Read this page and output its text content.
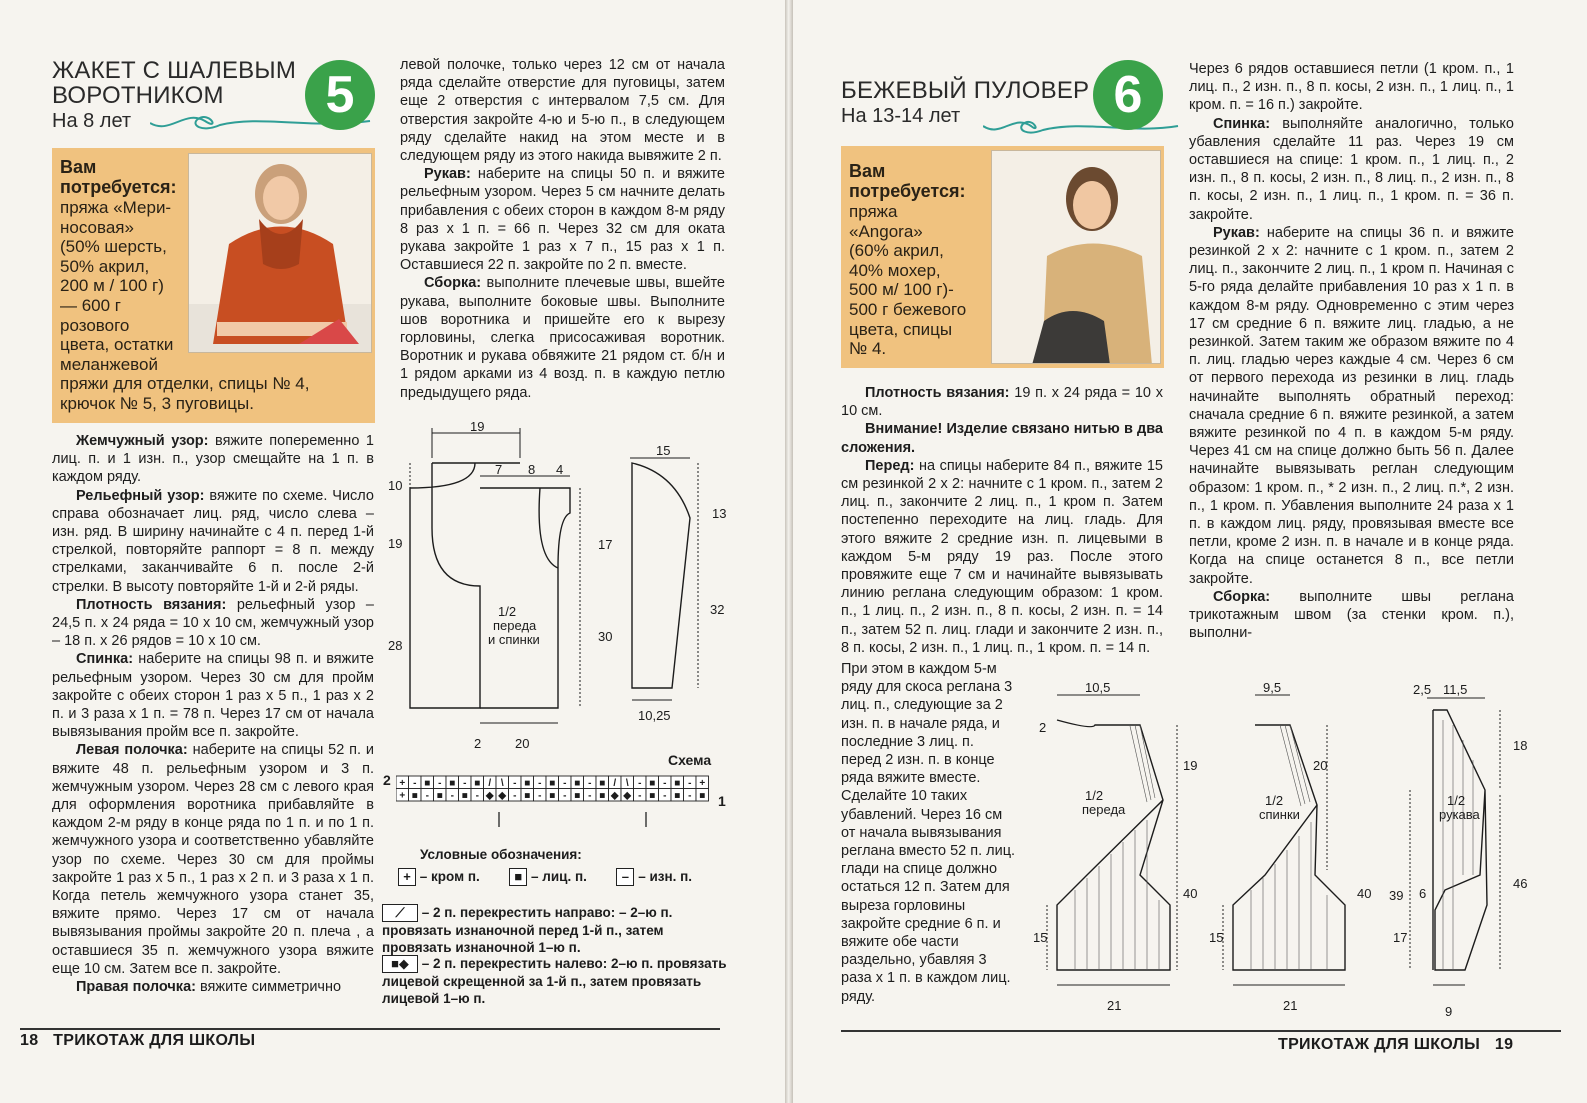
ЖАКЕТ С ШАЛЕВЫМ
ВОРОТНИКОМ
На 8 лет	5
Вам
потребуется:
пряжа «Мери-
носовая»
(50% шерсть,
50% акрил,
200 м / 100 г)
— 600 г
розового
цвета, остатки
меланжевой
пряжи для отделки, спицы № 4,
крючок № 5, 3 пуговицы.

Жемчужный узор: вяжите попеременно 1 лиц. п. и 1 изн. п., узор смещайте на 1 п. в каждом ряду.

Рельефный узор: вяжите по схеме. Число справа обозначает лиц. ряд, число слева – изн. ряд. В ширину начинайте с 4 п. перед 1-й стрелкой, повторяйте раппорт = 8 п. между стрелками, заканчивайте 6 п. после 2-й стрелки. В высоту повторяйте 1-й и 2-й ряды.

Плотность вязания: рельефный узор – 24,5 п. х 24 ряда = 10 х 10 см, жемчужный узор – 18 п. х 26 рядов = 10 х 10 см.

Спинка: наберите на спицы 98 п. и вяжите рельефным узором. Через 30 см для пройм закройте с обеих сторон 1 раз х 5 п., 1 раз х 2 п. и 3 раза х 1 п. = 78 п. Через 17 см от начала вывязывания пройм все п. закройте.

Левая полочка: наберите на спицы 52 п. и вяжите 48 п. рельефным узором и 3 п. жемчужным узором. Через 28 см с левого края для оформления воротника прибавляйте в каждом 2-м ряду в конце ряда по 1 п. и по 1 п. жемчужного узора и соответственно убавляйте узор по схеме. Через 30 см для проймы закройте 1 раз х 5 п., 1 раз х 2 п. и 3 раза х 1 п. Когда петель жемчужного узора станет 35, вяжите прямо. Через 17 см от начала вывязывания проймы закройте 20 п. плеча , а оставшиеся 35 п. жемчужного узора вяжите еще 10 см. Затем все п. закройте.

Правая полочка: вяжите симметрично

левой полочке, только через 12 см от начала ряда сделайте отверстие для пуговицы, затем еще 2 отверстия с интервалом 7,5 см. Для отверстия закройте 4-ю и 5-ю п., в следующем ряду сделайте накид на этом месте и в следующем ряду из этого накида вывяжите 2 п.

Рукав: наберите на спицы 50 п. и вяжите рельефным узором. Через 5 см начните делать прибавления с обеих сторон в каждом 8-м ряду 8 раз х 1 п. = 66 п. Через 32 см для оката рукава закройте 1 раз х 7 п., 15 раз х 1 п. Оставшиеся 22 п. закройте по 2 п. вместе.

Сборка: выполните плечевые швы, вшейте рукава, выполните боковые швы. Выполните шов воротника и пришейте его к вырезу горловины, слегка присосаживая воротник. Воротник и рукава обвяжите 21 рядом ст. б/н и 1 рядом арками из 4 возд. п. в каждую петлю предыдущего ряда.

19
7 8 4
10
19	17
28
30
2	20
1/2
переда
и спинки
15
13
32
10,25
Схема
2
1
+ - ■ - ■ - ■ / \ - ■ - ■ - ■ - ■ / \ - ■ - ■ - +
+ ■ - ■ - ■ - ◆ ◆ - ■ - ■ - ■ - ■ ◆ ◆ - ■ - ■ - ■
Условные обозначения:
+ – кром п.	■ – лиц. п.	– – изн. п.
⟋ – 2 п. перекрестить направо: – 2–ю п. провязать изнаночной перед 1-й п., затем провязать изнаночной 1–ю п.
■◆ – 2 п. перекрестить налево: 2–ю п. провязать лицевой скрещенной за 1-й п., затем провязать лицевой 1–ю п.
18 ТРИКОТАЖ ДЛЯ ШКОЛЫ
БЕЖЕВЫЙ ПУЛОВЕР
На 13-14 лет	6
Вам
потребуется:
пряжа
«Angora»
(60% акрил,
40% мохер,
500 м/ 100 г)-
500 г бежевого
цвета, спицы
№ 4.

Плотность вязания: 19 п. х 24 ряда = 10 х 10 см.

Внимание! Изделие связано нитью в два сложения.

Перед: на спицы наберите 84 п., вяжите 15 см резинкой 2 х 2: начните с 1 кром. п., затем 2 лиц. п., закончите 2 лиц. п., 1 кром п. Затем постепенно переходите на лиц. гладь. Для этого вяжите 2 средние изн. п. лицевыми в каждом 5-м ряду 19 раз. После этого провяжите еще 7 см и начинайте вывязывать линию реглана следующим образом: 1 кром. п., 1 лиц. п., 2 изн. п., 8 п. косы, 2 изн. п. = 14 п., затем 52 п. лиц. глади и закончите 2 изн. п., 8 п. косы, 2 изн. п., 1 лиц. п., 1 кром. п. = 14 п.

При этом в каждом 5-м ряду для скоса реглана 3 лиц. п., следующие за 2 изн. п. в начале ряда, и последние 3 лиц. п. перед 2 изн. п. в конце ряда вяжите вместе. Сделайте 10 таких убавлений. Через 16 см от начала вывязывания реглана вместо 52 п. лиц. глади на спице должно остаться 12 п. Затем для выреза горловины закройте средние 6 п. и вяжите обе части раздельно, убавляя 3 раза х 1 п. в каждом лиц. ряду.

Через 6 рядов оставшиеся петли (1 кром. п., 1 лиц. п., 2 изн. п., 8 п. косы, 2 изн. п., 1 лиц. п., 1 кром. п. = 16 п.) закройте.

Спинка: выполняйте аналогично, только убавления сделайте 11 раз. Через 19 см оставшиеся на спице: 1 кром. п., 1 лиц. п., 2 изн. п., 8 п. косы, 2 изн. п., 8 лиц. п., 2 изн. п., 8 п. косы, 2 изн. п., 1 лиц. п., 1 кром. п. = 36 п. закройте.

Рукав: наберите на спицы 36 п. и вяжите резинкой 2 х 2: начните с 1 кром. п., затем 2 лиц. п., закончите 2 лиц. п., 1 кром п. Начиная с 5-го ряда делайте прибавления 10 раз х 1 п. в каждом 8-м ряду. Одновременно с этим через 17 см средние 6 п. вяжите лиц. гладью, а не резинкой. Затем таким же образом вяжите по 4 п. лиц. гладью через каждые 4 см. Через 6 см от первого перехода из резинки в лиц. гладь начинайте выполнять обратный переход: сначала средние 6 п. вяжите резинкой, а затем вяжите резинкой по 4 п. в каждом 5-м ряду. Через 41 см на спице должно быть 56 п. Далее начинайте вывязывать реглан следующим образом: 1 кром. п., * 2 изн. п., 2 лиц. п.*, 2 изн. п., 1 кром. п. Убавления выполните 24 раза х 1 п. в каждом лиц. ряду, провязывая вместе все петли, кроме 2 изн. п. в начале и в конце ряда. Когда на спице останется 8 п., все петли закройте.

Сборка: выполните швы реглана трикотажным швом (за стенки кром. п.), выполни-

10,5
2
19
40
15
21
1/2
переда
9,5
20
40
15
21
1/2
спинки
2,5 11,5
18
46
39 6
17
9
1/2
рукава
ТРИКОТАЖ ДЛЯ ШКОЛЫ 19
